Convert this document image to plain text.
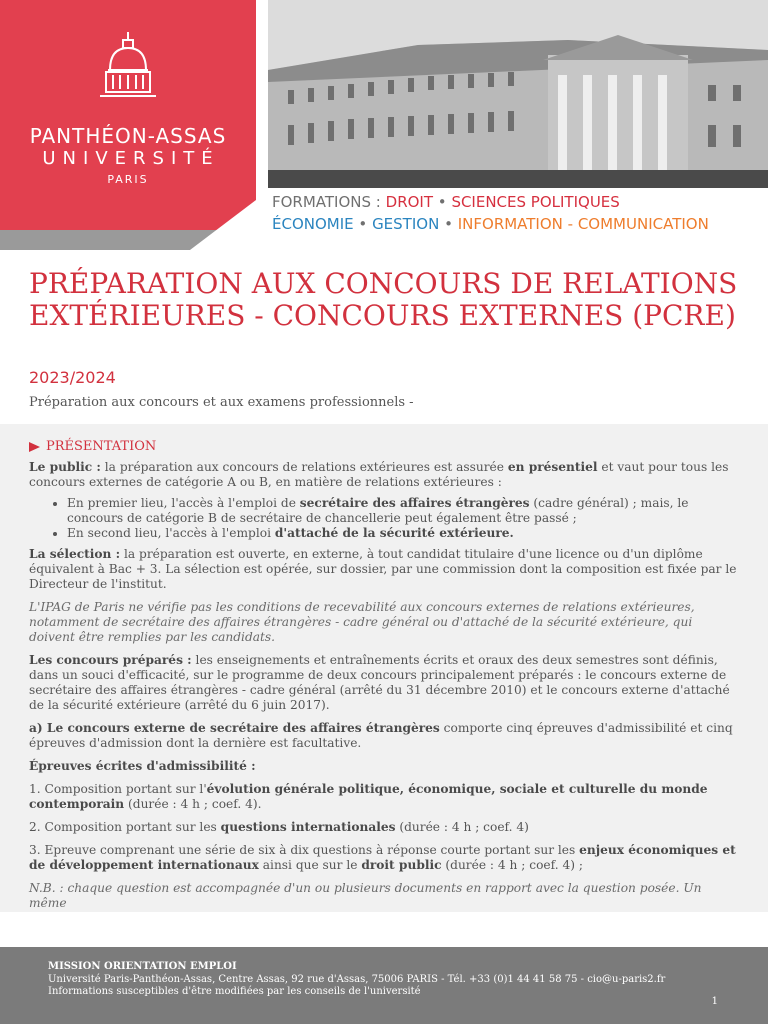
PANTHÉON-ASSAS
UNIVERSITÉ
PARIS
FORMATIONS : DROIT • SCIENCES POLITIQUES
ÉCONOMIE • GESTION • INFORMATION - COMMUNICATION
PRÉPARATION AUX CONCOURS DE RELATIONS EXTÉRIEURES - CONCOURS EXTERNES (PCRE)
2023/2024
Préparation aux concours et aux examens professionnels -
PRÉSENTATION

Le public : la préparation aux concours de relations extérieures est assurée en présentiel et vaut pour tous les concours externes de catégorie A ou B, en matière de relations extérieures :

• En premier lieu, l'accès à l'emploi de secrétaire des affaires étrangères (cadre général) ; mais, le concours de catégorie B de secrétaire de chancellerie peut également être passé ;
• En second lieu, l'accès à l'emploi d'attaché de la sécurité extérieure.

La sélection : la préparation est ouverte, en externe, à tout candidat titulaire d'une licence ou d'un diplôme équivalent à Bac + 3. La sélection est opérée, sur dossier, par une commission dont la composition est fixée par le Directeur de l'institut.

L'IPAG de Paris ne vérifie pas les conditions de recevabilité aux concours externes de relations extérieures, notamment de secrétaire des affaires étrangères - cadre général ou d'attaché de la sécurité extérieure, qui doivent être remplies par les candidats.

Les concours préparés : les enseignements et entraînements écrits et oraux des deux semestres sont définis, dans un souci d'efficacité, sur le programme de deux concours principalement préparés : le concours externe de secrétaire des affaires étrangères - cadre général (arrêté du 31 décembre 2010) et le concours externe d'attaché de la sécurité extérieure (arrêté du 6 juin 2017).

a) Le concours externe de secrétaire des affaires étrangères comporte cinq épreuves d'admissibilité et cinq épreuves d'admission dont la dernière est facultative.

Épreuves écrites d'admissibilité :

1. Composition portant sur l'évolution générale politique, économique, sociale et culturelle du monde contemporain (durée : 4 h ; coef. 4).

2. Composition portant sur les questions internationales (durée : 4 h ; coef. 4)

3. Epreuve comprenant une série de six à dix questions à réponse courte portant sur les enjeux économiques et de développement internationaux ainsi que sur le droit public (durée : 4 h ; coef. 4) ;

N.B. : chaque question est accompagnée d'un ou plusieurs documents en rapport avec la question posée. Un même

MISSION ORIENTATION EMPLOI
Université Paris-Panthéon-Assas, Centre Assas, 92 rue d'Assas, 75006 PARIS - Tél. +33 (0)1 44 41 58 75 - cio@u-paris2.fr
Informations susceptibles d'être modifiées par les conseils de l'université
1
